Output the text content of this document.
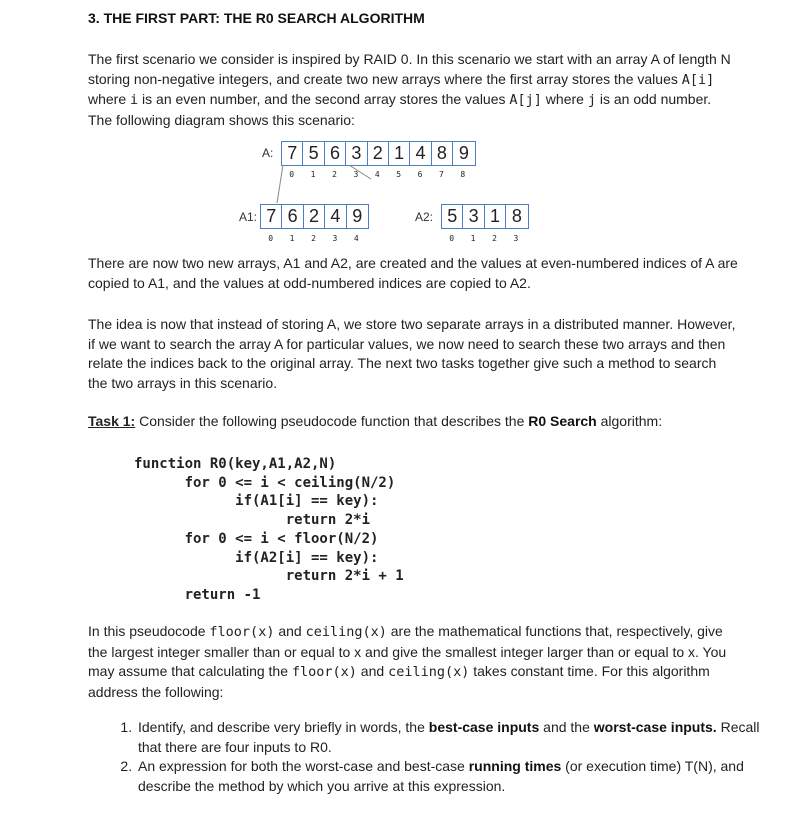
3. THE FIRST PART: THE R0 SEARCH ALGORITHM
The first scenario we consider is inspired by RAID 0. In this scenario we start with an array A of length N storing non-negative integers, and create two new arrays where the first array stores the values A[i] where i is an even number, and the second array stores the values A[j] where j is an odd number. The following diagram shows this scenario:
A: 7 5 6 3 2 1 4 8 9
0	1	2	3	4	5	6	7	8
A1: 7 6 2 4 9
0	1	2	3	4
A2: 5 3 1 8
0	1	2	3
There are now two new arrays, A1 and A2, are created and the values at even-numbered indices of A are copied to A1, and the values at odd-numbered indices are copied to A2.
The idea is now that instead of storing A, we store two separate arrays in a distributed manner. However, if we want to search the array A for particular values, we now need to search these two arrays and then relate the indices back to the original array. The next two tasks together give such a method to search the two arrays in this scenario.
Task 1: Consider the following pseudocode function that describes the R0 Search algorithm:
function R0(key,A1,A2,N)
for 0 <= i < ceiling(N/2)
if(A1[i] == key):
return 2*i
for 0 <= i < floor(N/2)
if(A2[i] == key):
return 2*i + 1
return -1
In this pseudocode floor(x) and ceiling(x) are the mathematical functions that, respectively, give the largest integer smaller than or equal to x and give the smallest integer larger than or equal to x. You may assume that calculating the floor(x) and ceiling(x) takes constant time. For this algorithm address the following:
1. Identify, and describe very briefly in words, the best-case inputs and the worst-case inputs. Recall that there are four inputs to R0.
2. An expression for both the worst-case and best-case running times (or execution time) T(N), and describe the method by which you arrive at this expression.
